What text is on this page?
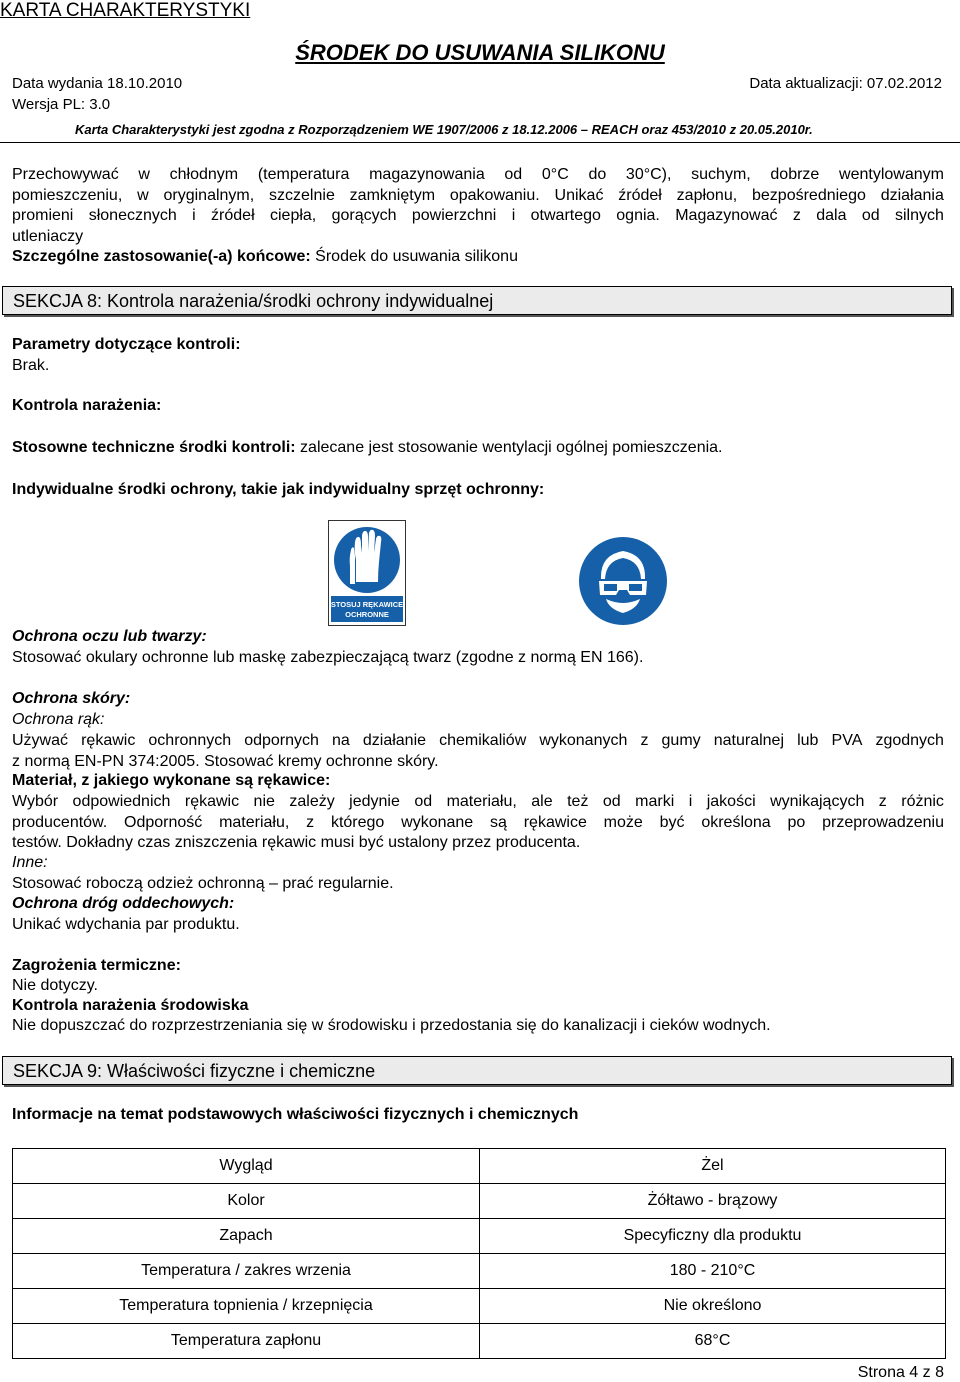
KARTA CHARAKTERYSTYKI
ŚRODEK DO USUWANIA SILIKONU
Data wydania 18.10.2010	Data aktualizacji: 07.02.2012
Wersja PL: 3.0
Karta Charakterystyki jest zgodna z Rozporządzeniem WE 1907/2006 z 18.12.2006 – REACH oraz 453/2010 z 20.05.2010r.
Przechowywać w chłodnym (temperatura magazynowania od 0°C do 30°C), suchym, dobrze wentylowanym
pomieszczeniu, w oryginalnym, szczelnie zamkniętym opakowaniu. Unikać źródeł zapłonu, bezpośredniego działania
promieni słonecznych i źródeł ciepła, gorących powierzchni i otwartego ognia. Magazynować z dala od silnych
utleniaczy
Szczególne zastosowanie(-a) końcowe: Środek do usuwania silikonu
SEKCJA 8: Kontrola narażenia/środki ochrony indywidualnej
Parametry dotyczące kontroli:
Brak.
Kontrola narażenia:
Stosowne techniczne środki kontroli: zalecane jest stosowanie wentylacji ogólnej pomieszczenia.
Indywidualne środki ochrony, takie jak indywidualny sprzęt ochronny:
STOSUJ RĘKAWICE
OCHRONNE
Ochrona oczu lub twarzy:
Stosować okulary ochronne lub maskę zabezpieczającą twarz (zgodne z normą EN 166).
Ochrona skóry:
Ochrona rąk:
Używać rękawic ochronnych odpornych na działanie chemikaliów wykonanych z gumy naturalnej lub PVA zgodnych
z normą EN-PN 374:2005. Stosować kremy ochronne skóry.
Materiał, z jakiego wykonane są rękawice:
Wybór odpowiednich rękawic nie zależy jedynie od materiału, ale też od marki i jakości wynikających z różnic
producentów. Odporność materiału, z którego wykonane są rękawice może być określona po przeprowadzeniu
testów. Dokładny czas zniszczenia rękawic musi być ustalony przez producenta.
Inne:
Stosować roboczą odzież ochronną – prać regularnie.
Ochrona dróg oddechowych:
Unikać wdychania par produktu.
Zagrożenia termiczne:
Nie dotyczy.
Kontrola narażenia środowiska
Nie dopuszczać do rozprzestrzeniania się w środowisku i przedostania się do kanalizacji i cieków wodnych.
SEKCJA 9: Właściwości fizyczne i chemiczne
Informacje na temat podstawowych właściwości fizycznych i chemicznych
Wygląd	Żel
Kolor	Żółtawo - brązowy
Zapach	Specyficzny dla produktu
Temperatura / zakres wrzenia	180 - 210°C
Temperatura topnienia / krzepnięcia	Nie określono
Temperatura zapłonu	68°C
Strona 4 z 8
